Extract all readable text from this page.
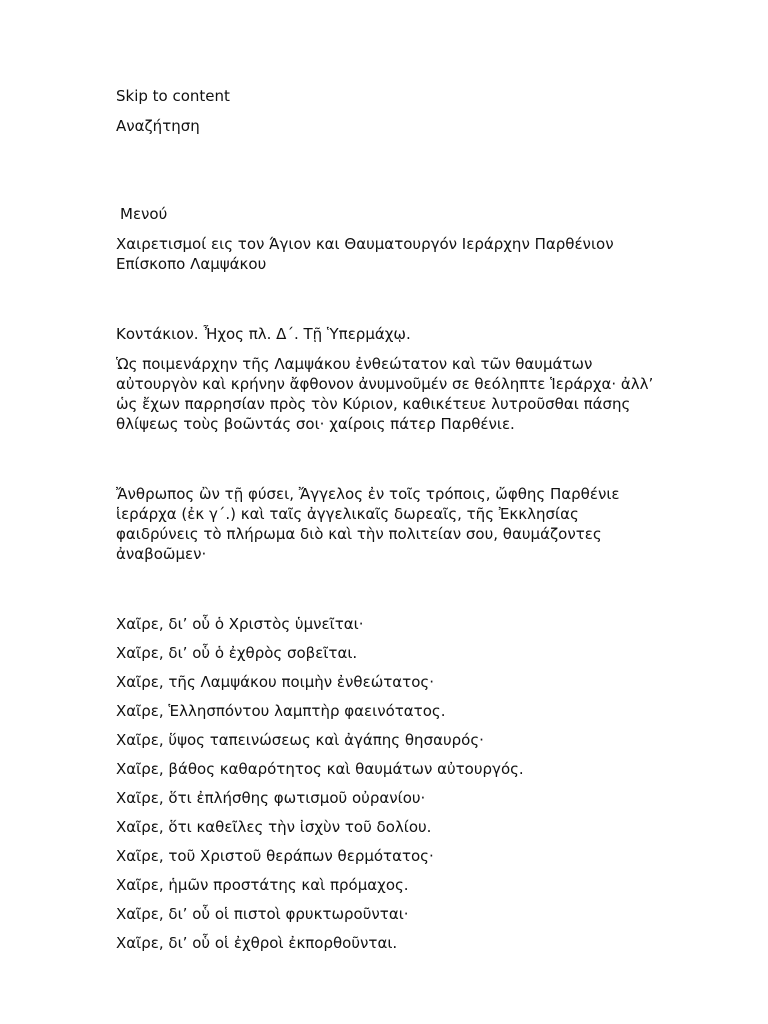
Skip to content
Αναζήτηση
Μενού
Χαιρετισμοί εις τον Άγιον και Θαυματουργόν Ιεράρχην Παρθένιον Επίσκοπο Λαμψάκου

Κοντάκιον. Ἦχος πλ. Δ΄. Τῇ Ὑπερμάχῳ.

Ὡς ποιμενάρχην τῆς Λαμψάκου ἐνθεώτατον καὶ τῶν θαυμάτων αὐτουργὸν καὶ κρήνην ἄφθονον ἀνυμνοῦμέν σε θεόληπτε Ἱεράρχα· ἀλλ’ ὡς ἔχων παρρησίαν πρὸς τὸν Κύριον, καθικέτευε λυτροῦσθαι πάσης θλίψεως τοὺς βοῶντάς σοι· χαίροις πάτερ Παρθένιε.

Ἄνθρωπος ὢν τῇ φύσει, Ἄγγελος ἐν τοῖς τρόποις, ὤφθης Παρθένιε ἱεράρχα (ἐκ γ΄.) καὶ ταῖς ἀγγελικαῖς δωρεαῖς, τῆς Ἐκκλησίας φαιδρύνεις τὸ πλήρωμα διὸ καὶ τὴν πολιτείαν σου, θαυμάζοντες ἀναβοῶμεν·

Χαῖρε, δι’ οὗ ὁ Χριστὸς ὑμνεῖται·

Χαῖρε, δι’ οὗ ὁ ἐχθρὸς σοβεῖται.

Χαῖρε, τῆς Λαμψάκου ποιμὴν ἐνθεώτατος·

Χαῖρε, Ἑλλησπόντου λαμπτὴρ φαεινότατος.

Χαῖρε, ὕψος ταπεινώσεως καὶ ἀγάπης θησαυρός·

Χαῖρε, βάθος καθαρότητος καὶ θαυμάτων αὐτουργός.

Χαῖρε, ὅτι ἐπλήσθης φωτισμοῦ οὐρανίου·

Χαῖρε, ὅτι καθεῖλες τὴν ἰσχὺν τοῦ δολίου.

Χαῖρε, τοῦ Χριστοῦ θεράπων θερμότατος·

Χαῖρε, ἡμῶν προστάτης καὶ πρόμαχος.

Χαῖρε, δι’ οὗ οἱ πιστοὶ φρυκτωροῦνται·

Χαῖρε, δι’ οὗ οἱ ἐχθροὶ ἐκπορθοῦνται.
